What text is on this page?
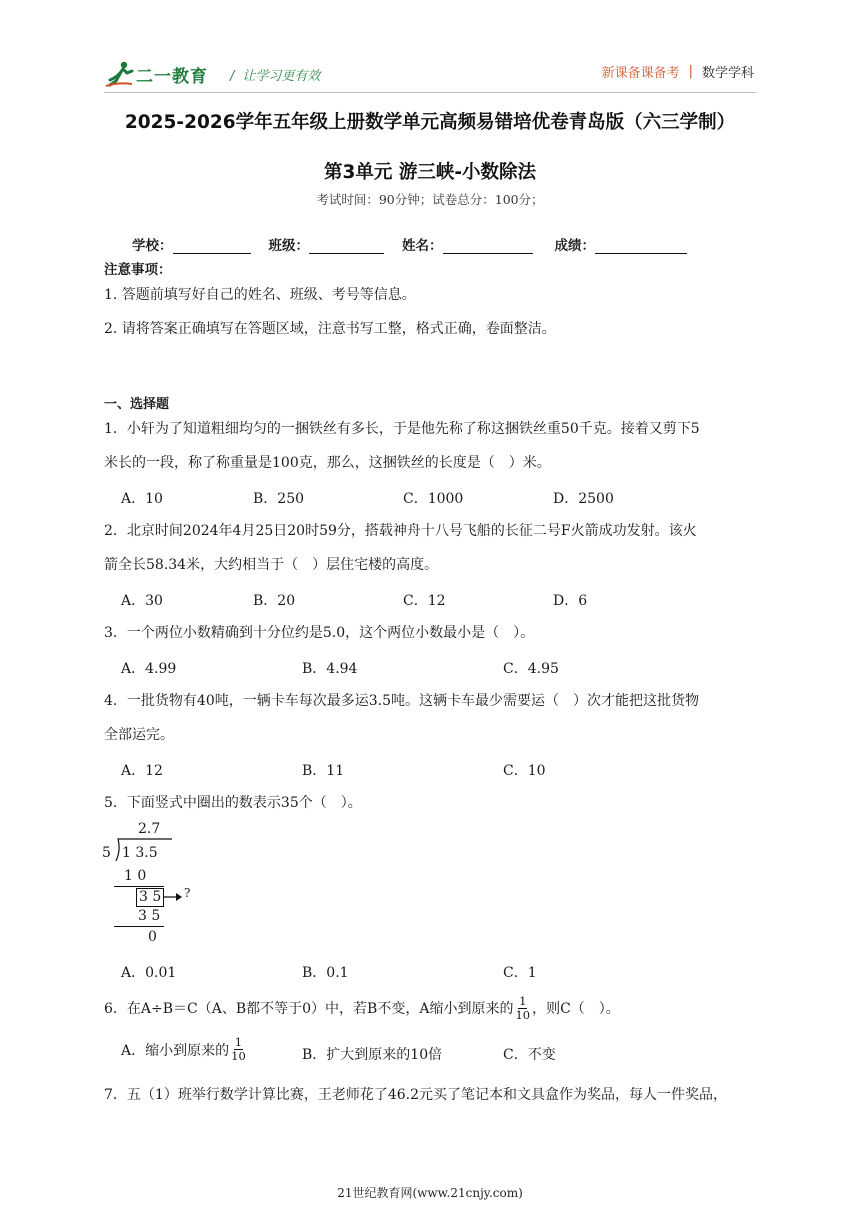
二一教育 / 让学习更有效	新课备课备考 | 数学学科
2025-2026学年五年级上册数学单元高频易错培优卷青岛版（六三学制）
第3单元 游三峡-小数除法
考试时间：90分钟；试卷总分：100分；
学校：	班级：	姓名：	成绩：
注意事项：
1. 答题前填写好自己的姓名、班级、考号等信息。
2. 请将答案正确填写在答题区域，注意书写工整，格式正确，卷面整洁。
一、选择题
1．小轩为了知道粗细均匀的一捆铁丝有多长，于是他先称了称这捆铁丝重50千克。接着又剪下5
米长的一段，称了称重量是100克，那么，这捆铁丝的长度是（　）米。
A．10	B．250	C．1000	D．2500
2．北京时间2024年4月25日20时59分，搭载神舟十八号飞船的长征二号F火箭成功发射。该火
箭全长58.34米，大约相当于（　）层住宅楼的高度。
A．30	B．20	C．12	D．6
3．一个两位小数精确到十分位约是5.0，这个两位小数最小是（　）。
A．4.99	B．4.94	C．4.95
4．一批货物有40吨，一辆卡车每次最多运3.5吨。这辆卡车最少需要运（　）次才能把这批货物
全部运完。
A．12	B．11	C．10
5．下面竖式中圈出的数表示35个（　）。
2.7
5 1 3.5
1 0
3 5 ?
3 5
0
A．0.01	B．0.1	C．1
6．在A÷B＝C（A、B都不等于0）中，若B不变，A缩小到原来的 $\frac{1}{10}$ ，则C（　）。
A．缩小到原来的 $\frac{1}{10}$	B．扩大到原来的10倍	C．不变
7．五（1）班举行数学计算比赛，王老师花了46.2元买了笔记本和文具盒作为奖品，每人一件奖品，
21世纪教育网(www.21cnjy.com)
